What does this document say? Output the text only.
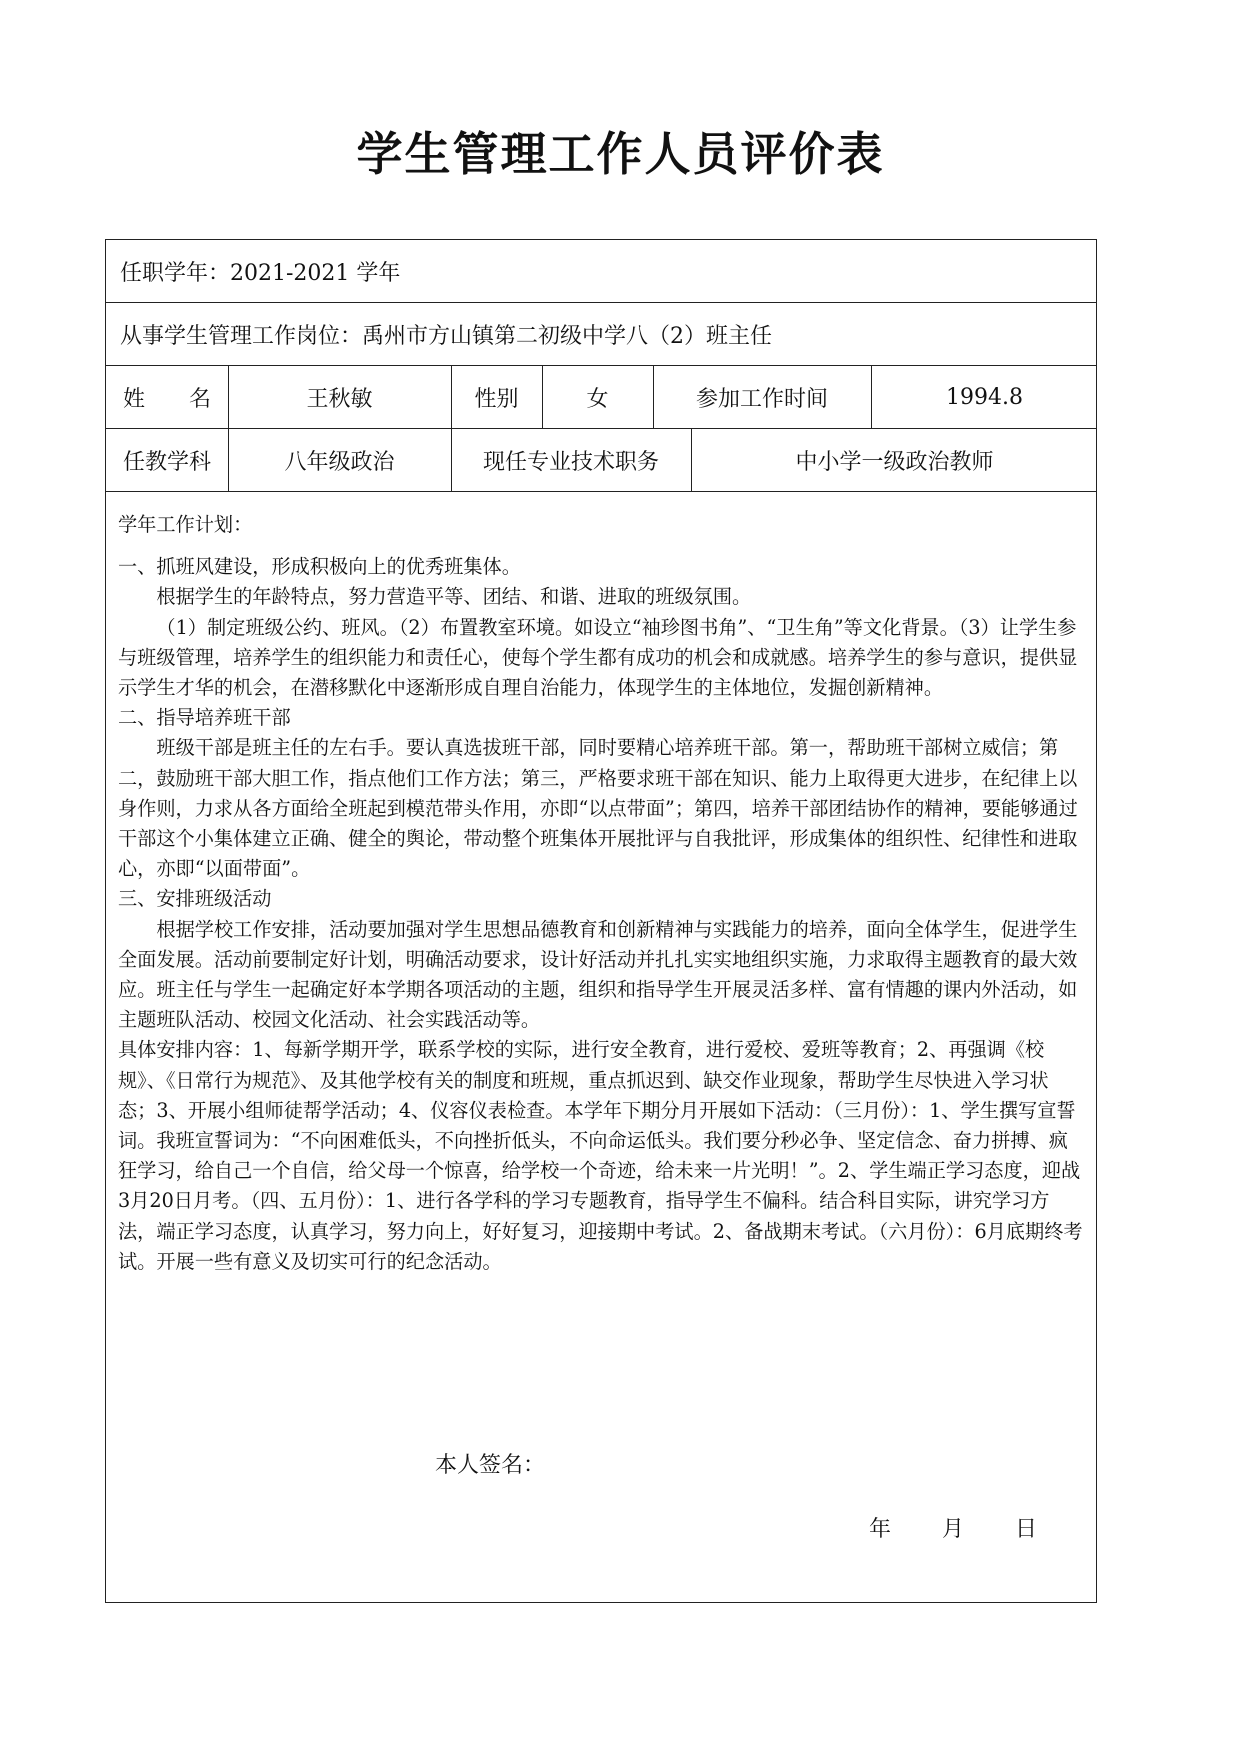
学生管理工作人员评价表
任职学年：2021-2021 学年
从事学生管理工作岗位：禹州市方山镇第二初级中学八（2）班主任
姓　　名	王秋敏	性别	女	参加工作时间	1994.8
任教学科	八年级政治	现任专业技术职务	中小学一级政治教师

学年工作计划：

一、抓班风建设，形成积极向上的优秀班集体。

根据学生的年龄特点，努力营造平等、团结、和谐、进取的班级氛围。

（1）制定班级公约、班风。（2）布置教室环境。如设立“袖珍图书角”、“卫生角”等文化背景。（3）让学生参与班级管理，培养学生的组织能力和责任心，使每个学生都有成功的机会和成就感。培养学生的参与意识，提供显示学生才华的机会，在潜移默化中逐渐形成自理自治能力，体现学生的主体地位，发掘创新精神。

二、指导培养班干部

班级干部是班主任的左右手。要认真选拔班干部，同时要精心培养班干部。第一，帮助班干部树立威信；第二，鼓励班干部大胆工作，指点他们工作方法；第三，严格要求班干部在知识、能力上取得更大进步，在纪律上以身作则，力求从各方面给全班起到模范带头作用，亦即“以点带面”；第四，培养干部团结协作的精神，要能够通过干部这个小集体建立正确、健全的舆论，带动整个班集体开展批评与自我批评，形成集体的组织性、纪律性和进取心，亦即“以面带面”。

三、安排班级活动

根据学校工作安排，活动要加强对学生思想品德教育和创新精神与实践能力的培养，面向全体学生，促进学生全面发展。活动前要制定好计划，明确活动要求，设计好活动并扎扎实实地组织实施，力求取得主题教育的最大效应。班主任与学生一起确定好本学期各项活动的主题，组织和指导学生开展灵活多样、富有情趣的课内外活动，如主题班队活动、校园文化活动、社会实践活动等。

具体安排内容：1、每新学期开学，联系学校的实际，进行安全教育，进行爱校、爱班等教育；2、再强调《校规》、《日常行为规范》、及其他学校有关的制度和班规，重点抓迟到、缺交作业现象，帮助学生尽快进入学习状态；3、开展小组师徒帮学活动；4、仪容仪表检查。本学年下期分月开展如下活动：（三月份）：1、学生撰写宣誓词。我班宣誓词为：“不向困难低头，不向挫折低头，不向命运低头。我们要分秒必争、坚定信念、奋力拼搏、疯狂学习，给自己一个自信，给父母一个惊喜，给学校一个奇迹，给未来一片光明！”。2、学生端正学习态度，迎战3月20日月考。（四、五月份）：1、进行各学科的学习专题教育，指导学生不偏科。结合科目实际，讲究学习方法，端正学习态度，认真学习，努力向上，好好复习，迎接期中考试。2、备战期末考试。（六月份）：6月底期终考试。开展一些有意义及切实可行的纪念活动。

本人签名：
年 月 日
